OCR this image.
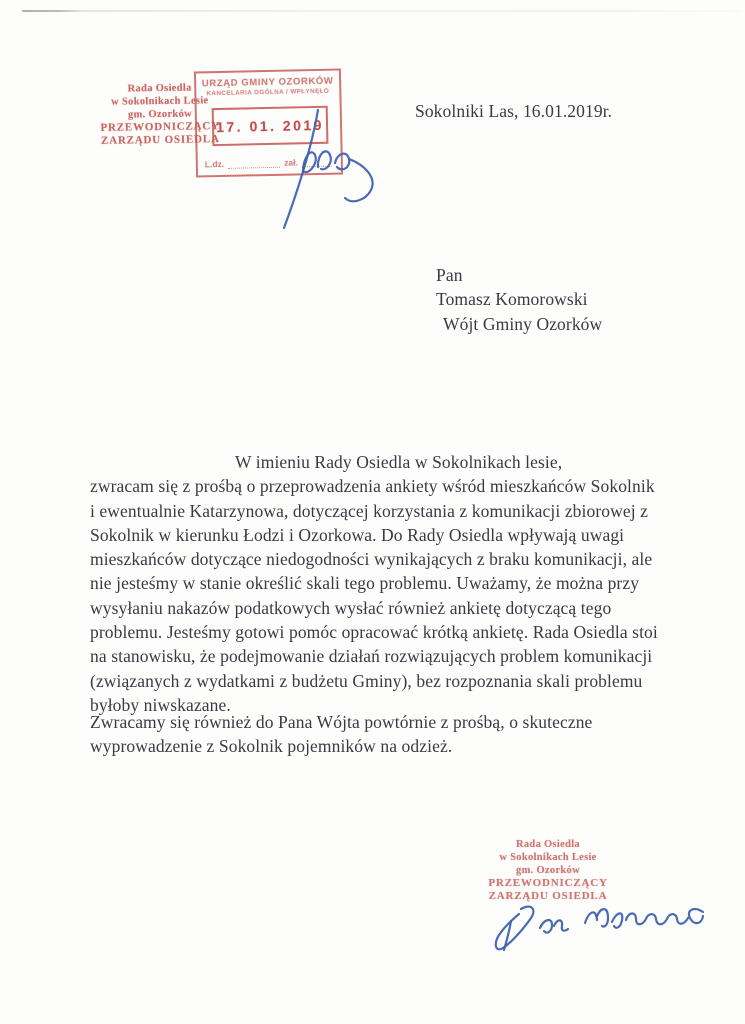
Rada Osiedla
w Sokolnikach Lesie
gm. Ozorków
PRZEWODNICZĄCY
ZARZĄDU OSIEDLA
URZĄD GMINY OZORKÓW
KANCELARIA OGÓLNA / WPŁYNĘŁO
17. 01. 2019
L.dz.	zał.
Sokolniki Las, 16.01.2019r.
Pan
Tomasz Komorowski
Wójt Gminy Ozorków
W imieniu Rady Osiedla w Sokolnikach lesie,
zwracam się z prośbą o przeprowadzenia ankiety wśród mieszkańców Sokolnik
i ewentualnie Katarzynowa, dotyczącej korzystania z komunikacji zbiorowej z
Sokolnik w kierunku Łodzi i Ozorkowa. Do Rady Osiedla wpływają uwagi
mieszkańców dotyczące niedogodności wynikających z braku komunikacji, ale
nie jesteśmy w stanie określić skali tego problemu. Uważamy, że można przy
wysyłaniu nakazów podatkowych wysłać również ankietę dotyczącą tego
problemu. Jesteśmy gotowi pomóc opracować krótką ankietę. Rada Osiedla stoi
na stanowisku, że podejmowanie działań rozwiązujących problem komunikacji
(związanych z wydatkami z budżetu Gminy), bez rozpoznania skali problemu
byłoby niwskazane.
Zwracamy się również do Pana Wójta powtórnie z prośbą, o skuteczne
wyprowadzenie z Sokolnik pojemników na odzież.
Rada Osiedla
w Sokolnikach Lesie
gm. Ozorków
PRZEWODNICZĄCY
ZARZĄDU OSIEDLA
